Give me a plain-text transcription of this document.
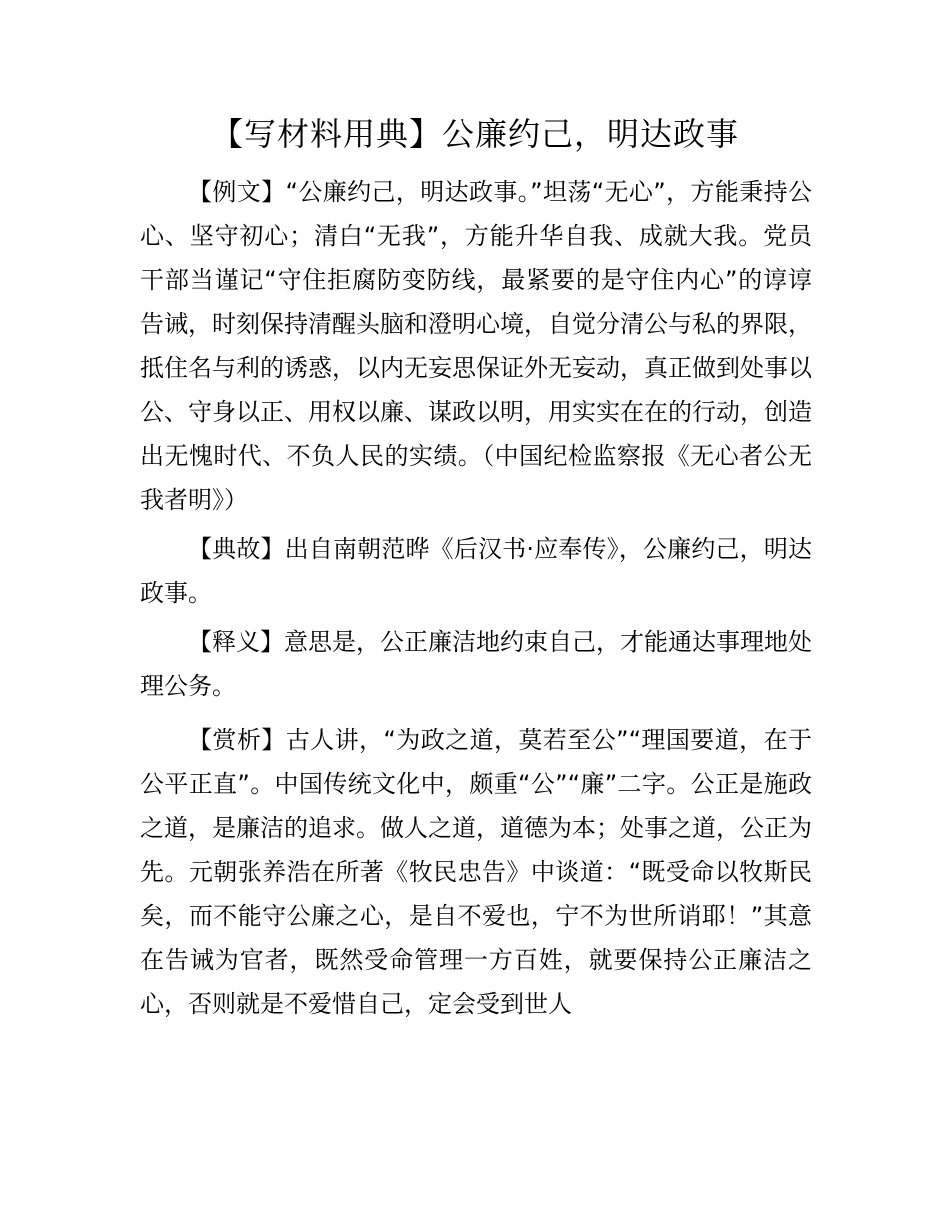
【写材料用典】公廉约己，明达政事

【例文】“公廉约己，明达政事。”坦荡“无心”，方能秉持公心、坚守初心；清白“无我”，方能升华自我、成就大我。党员干部当谨记“守住拒腐防变防线，最紧要的是守住内心”的谆谆告诫，时刻保持清醒头脑和澄明心境，自觉分清公与私的界限，抵住名与利的诱惑，以内无妄思保证外无妄动，真正做到处事以公、守身以正、用权以廉、谋政以明，用实实在在的行动，创造出无愧时代、不负人民的实绩。（中国纪检监察报《无心者公无我者明》）

【典故】出自南朝范晔《后汉书·应奉传》，公廉约己，明达政事。

【释义】意思是，公正廉洁地约束自己，才能通达事理地处理公务。

【赏析】古人讲，“为政之道，莫若至公”“理国要道，在于公平正直”。中国传统文化中，颇重“公”“廉”二字。公正是施政之道，是廉洁的追求。做人之道，道德为本；处事之道，公正为先。元朝张养浩在所著《牧民忠告》中谈道：“既受命以牧斯民矣，而不能守公廉之心，是自不爱也，宁不为世所诮耶！”其意在告诫为官者，既然受命管理一方百姓，就要保持公正廉洁之心，否则就是不爱惜自己，定会受到世人
